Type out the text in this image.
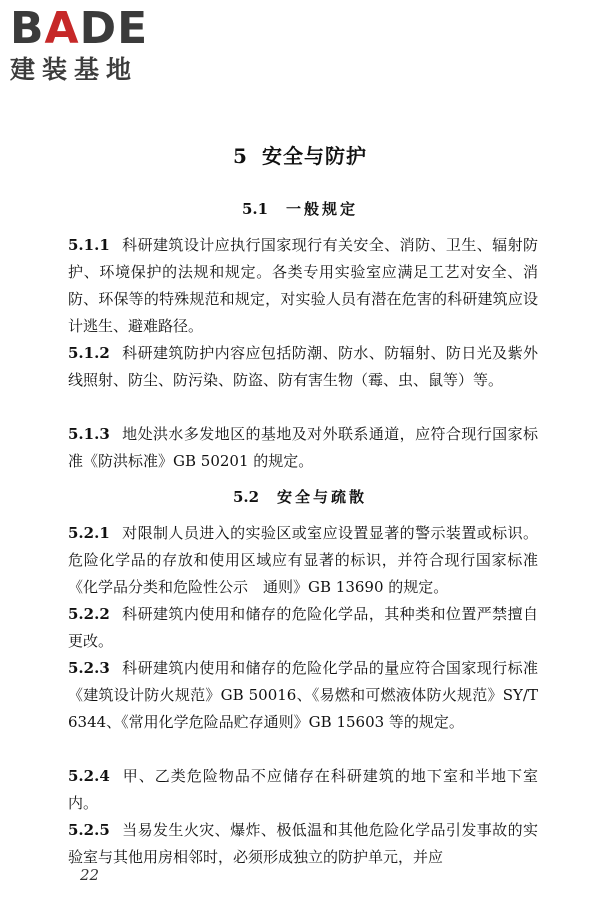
BADE
建装基地
5 安全与防护
5.1 一般规定
5.1.1 科研建筑设计应执行国家现行有关安全、消防、卫生、辐射防护、环境保护的法规和规定。各类专用实验室应满足工艺对安全、消防、环保等的特殊规范和规定，对实验人员有潜在危害的科研建筑应设计逃生、避难路径。
5.1.2 科研建筑防护内容应包括防潮、防水、防辐射、防日光及紫外线照射、防尘、防污染、防盗、防有害生物（霉、虫、鼠等）等。
5.1.3 地处洪水多发地区的基地及对外联系通道，应符合现行国家标准《防洪标准》GB 50201 的规定。
5.2 安全与疏散
5.2.1 对限制人员进入的实验区或室应设置显著的警示装置或标识。危险化学品的存放和使用区域应有显著的标识，并符合现行国家标准《化学品分类和危险性公示　通则》GB 13690 的规定。
5.2.2 科研建筑内使用和储存的危险化学品，其种类和位置严禁擅自更改。
5.2.3 科研建筑内使用和储存的危险化学品的量应符合国家现行标准《建筑设计防火规范》GB 50016、《易燃和可燃液体防火规范》SY/T 6344、《常用化学危险品贮存通则》GB 15603 等的规定。
5.2.4 甲、乙类危险物品不应储存在科研建筑的地下室和半地下室内。
5.2.5 当易发生火灾、爆炸、极低温和其他危险化学品引发事故的实验室与其他用房相邻时，必须形成独立的防护单元，并应
22
